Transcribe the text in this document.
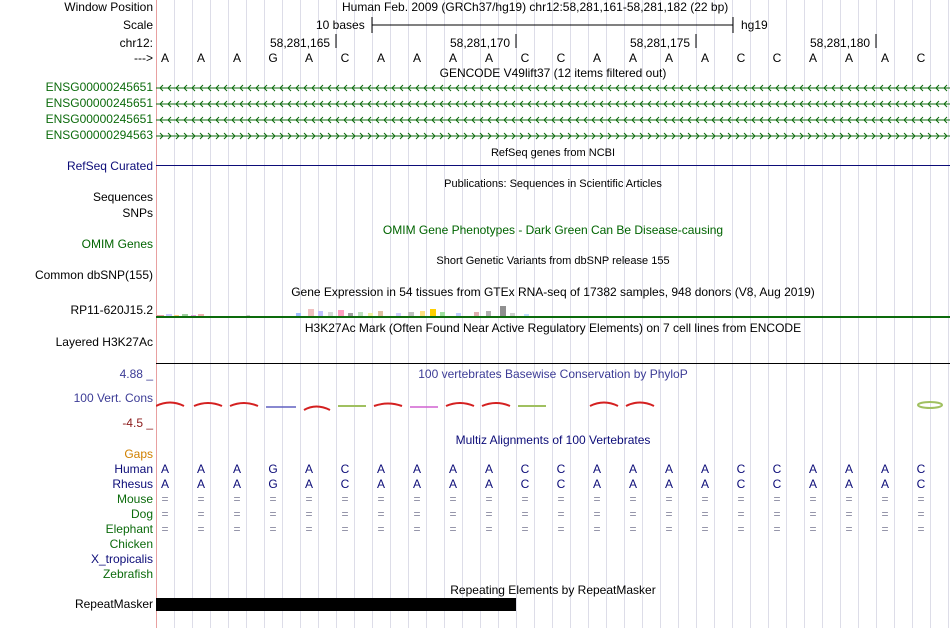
Window Position	Human Feb. 2009 (GRCh37/hg19) chr12:58,281,161-58,281,182 (22 bp)
Scale	10 bases	hg19
chr12:	58,281,165	58,281,170	58,281,175	58,281,180
---> A A A G A C A A A A C C A A A A C C A A A C
GENCODE V49lift37 (12 items filtered out)
ENSG00000245651
ENSG00000245651
ENSG00000245651
ENSG00000294563
RefSeq genes from NCBI
RefSeq Curated
Publications: Sequences in Scientific Articles
Sequences
SNPs
OMIM Gene Phenotypes - Dark Green Can Be Disease-causing
OMIM Genes
Short Genetic Variants from dbSNP release 155
Common dbSNP(155)
Gene Expression in 54 tissues from GTEx RNA-seq of 17382 samples, 948 donors (V8, Aug 2019)
RP11-620J15.2
H3K27Ac Mark (Often Found Near Active Regulatory Elements) on 7 cell lines from ENCODE
Layered H3K27Ac
100 vertebrates Basewise Conservation by PhyloP
4.88 _
100 Vert. Cons
-4.5 _
Multiz Alignments of 100 Vertebrates
Gaps
Human A A A G A C A A A A C C A A A A C C A A A C
Rhesus A A A G A C A A A A C C A A A A C C A A A C
Mouse = = = = = = = = = = = = = = = = = = = = = =
Dog = = = = = = = = = = = = = = = = = = = = = =
Elephant = = = = = = = = = = = = = = = = = = = = = =
Chicken
X_tropicalis
Zebrafish
Repeating Elements by RepeatMasker
RepeatMasker
